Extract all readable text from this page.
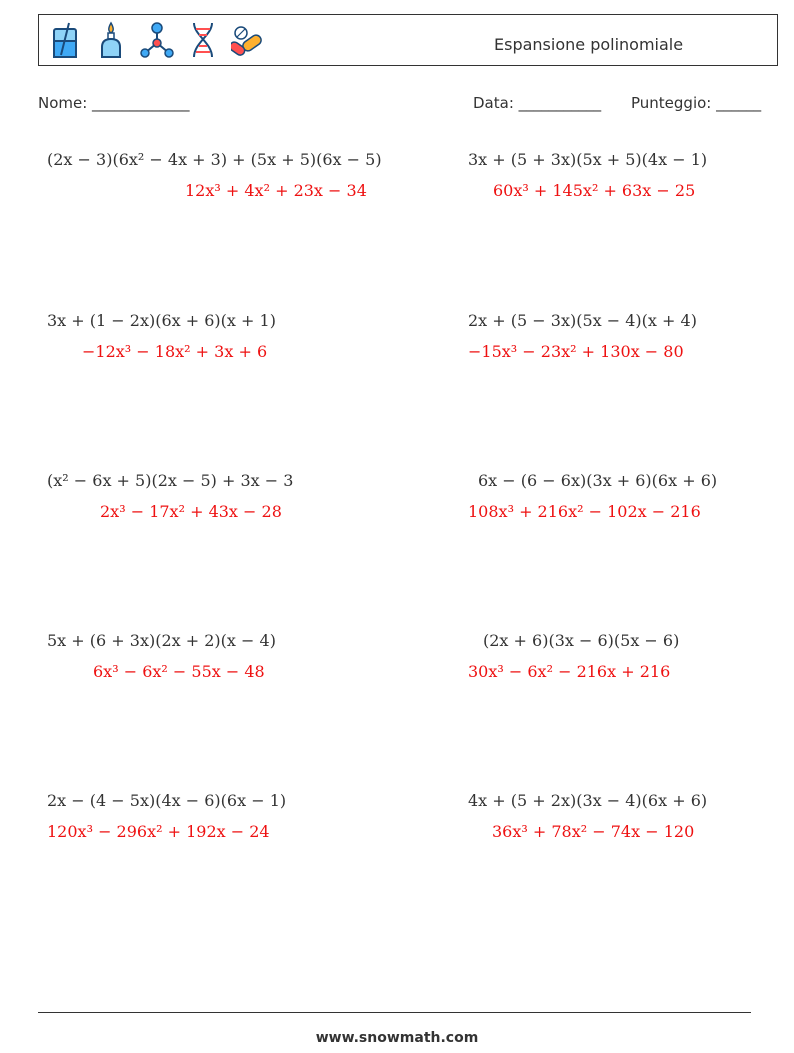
Espansione polinomiale
Nome: _____________	Data: ___________ Punteggio: ______
(2x − 3)(6x² − 4x + 3) + (5x + 5)(6x − 5)
12x³ + 4x² + 23x − 34
3x + (5 + 3x)(5x + 5)(4x − 1)
60x³ + 145x² + 63x − 25
3x + (1 − 2x)(6x + 6)(x + 1)
−12x³ − 18x² + 3x + 6
2x + (5 − 3x)(5x − 4)(x + 4)
−15x³ − 23x² + 130x − 80
(x² − 6x + 5)(2x − 5) + 3x − 3
2x³ − 17x² + 43x − 28
6x − (6 − 6x)(3x + 6)(6x + 6)
108x³ + 216x² − 102x − 216
5x + (6 + 3x)(2x + 2)(x − 4)
6x³ − 6x² − 55x − 48
(2x + 6)(3x − 6)(5x − 6)
30x³ − 6x² − 216x + 216
2x − (4 − 5x)(4x − 6)(6x − 1)
120x³ − 296x² + 192x − 24
4x + (5 + 2x)(3x − 4)(6x + 6)
36x³ + 78x² − 74x − 120
www.snowmath.com
